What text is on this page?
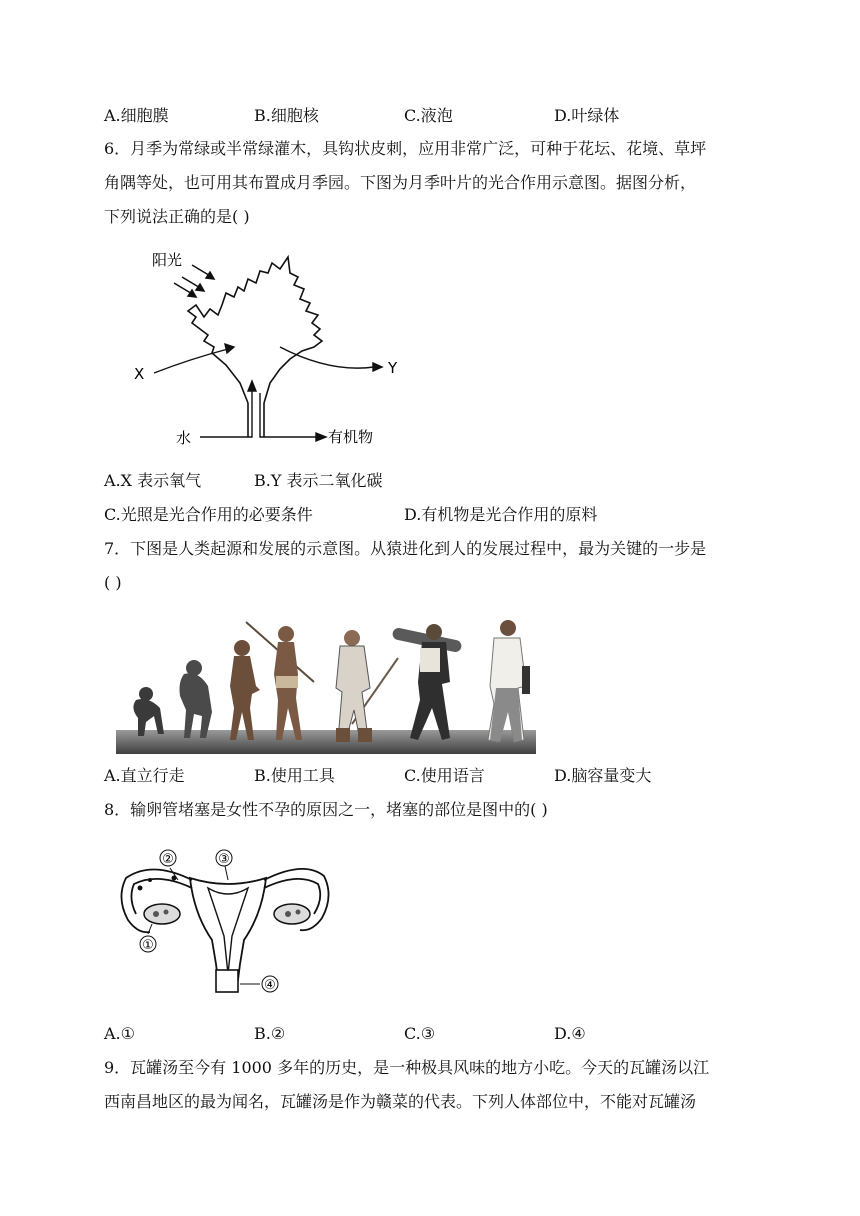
A.细胞膜	B.细胞核	C.液泡	D.叶绿体
6．月季为常绿或半常绿灌木，具钩状皮刺，应用非常广泛，可种于花坛、花境、草坪
角隅等处，也可用其布置成月季园。下图为月季叶片的光合作用示意图。据图分析，
下列说法正确的是( )
阳光
水	有机物
X	Y
A.X 表示氧气	B.Y 表示二氧化碳
C.光照是光合作用的必要条件	D.有机物是光合作用的原料
7．下图是人类起源和发展的示意图。从猿进化到人的发展过程中，最为关键的一步是
( )
A.直立行走	B.使用工具	C.使用语言	D.脑容量变大
8．输卵管堵塞是女性不孕的原因之一，堵塞的部位是图中的( )
②	③
①
④
A.①	B.②	C.③	D.④
9．瓦罐汤至今有 1000 多年的历史，是一种极具风味的地方小吃。今天的瓦罐汤以江
西南昌地区的最为闻名，瓦罐汤是作为赣菜的代表。下列人体部位中，不能对瓦罐汤
